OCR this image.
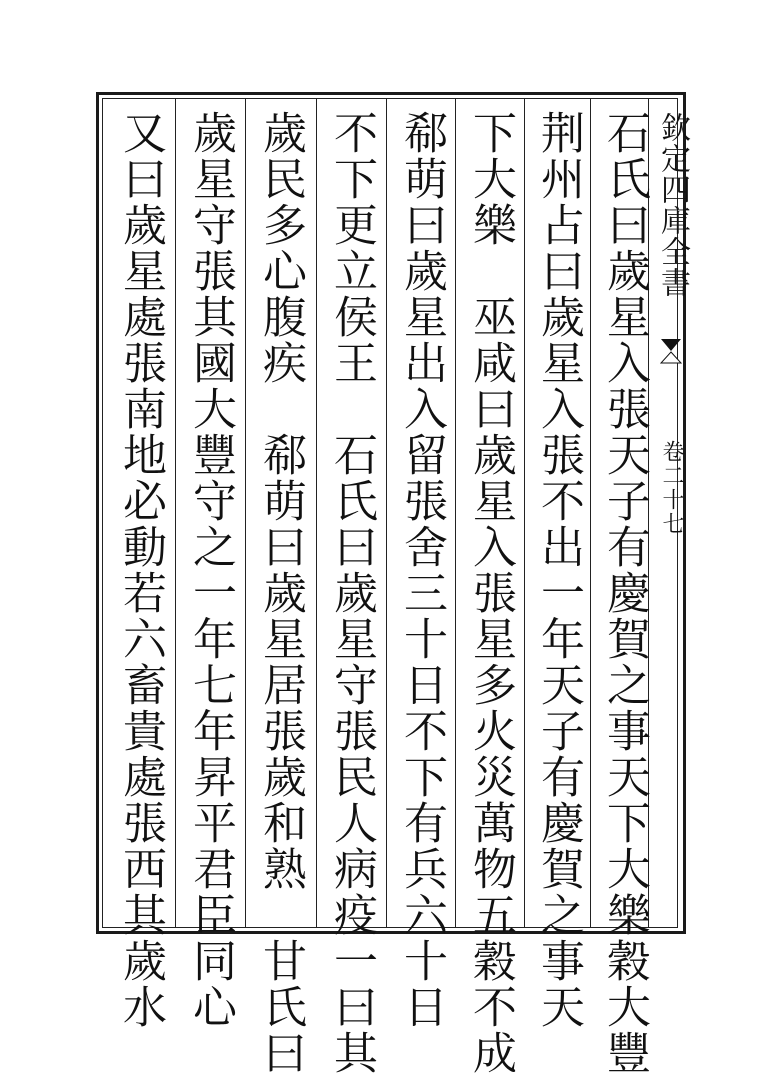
欽定四庫全書
卷二十七
石氏曰歲星入張天子有慶賀之事天下大樂穀大豐
荆州占曰歲星入張不出一年天子有慶賀之事天
下大樂　巫咸曰歲星入張星多火災萬物五穀不成
郗萌曰歲星出入留張舍三十日不下有兵六十日
不下更立侯王　石氏曰歲星守張民人病疫一曰其
歲民多心腹疾　郗萌曰歲星居張歲和熟　甘氏曰
歲星守張其國大豐守之一年七年昇平君臣同心
又曰歲星處張南地必動若六畜貴處張西其歲水
